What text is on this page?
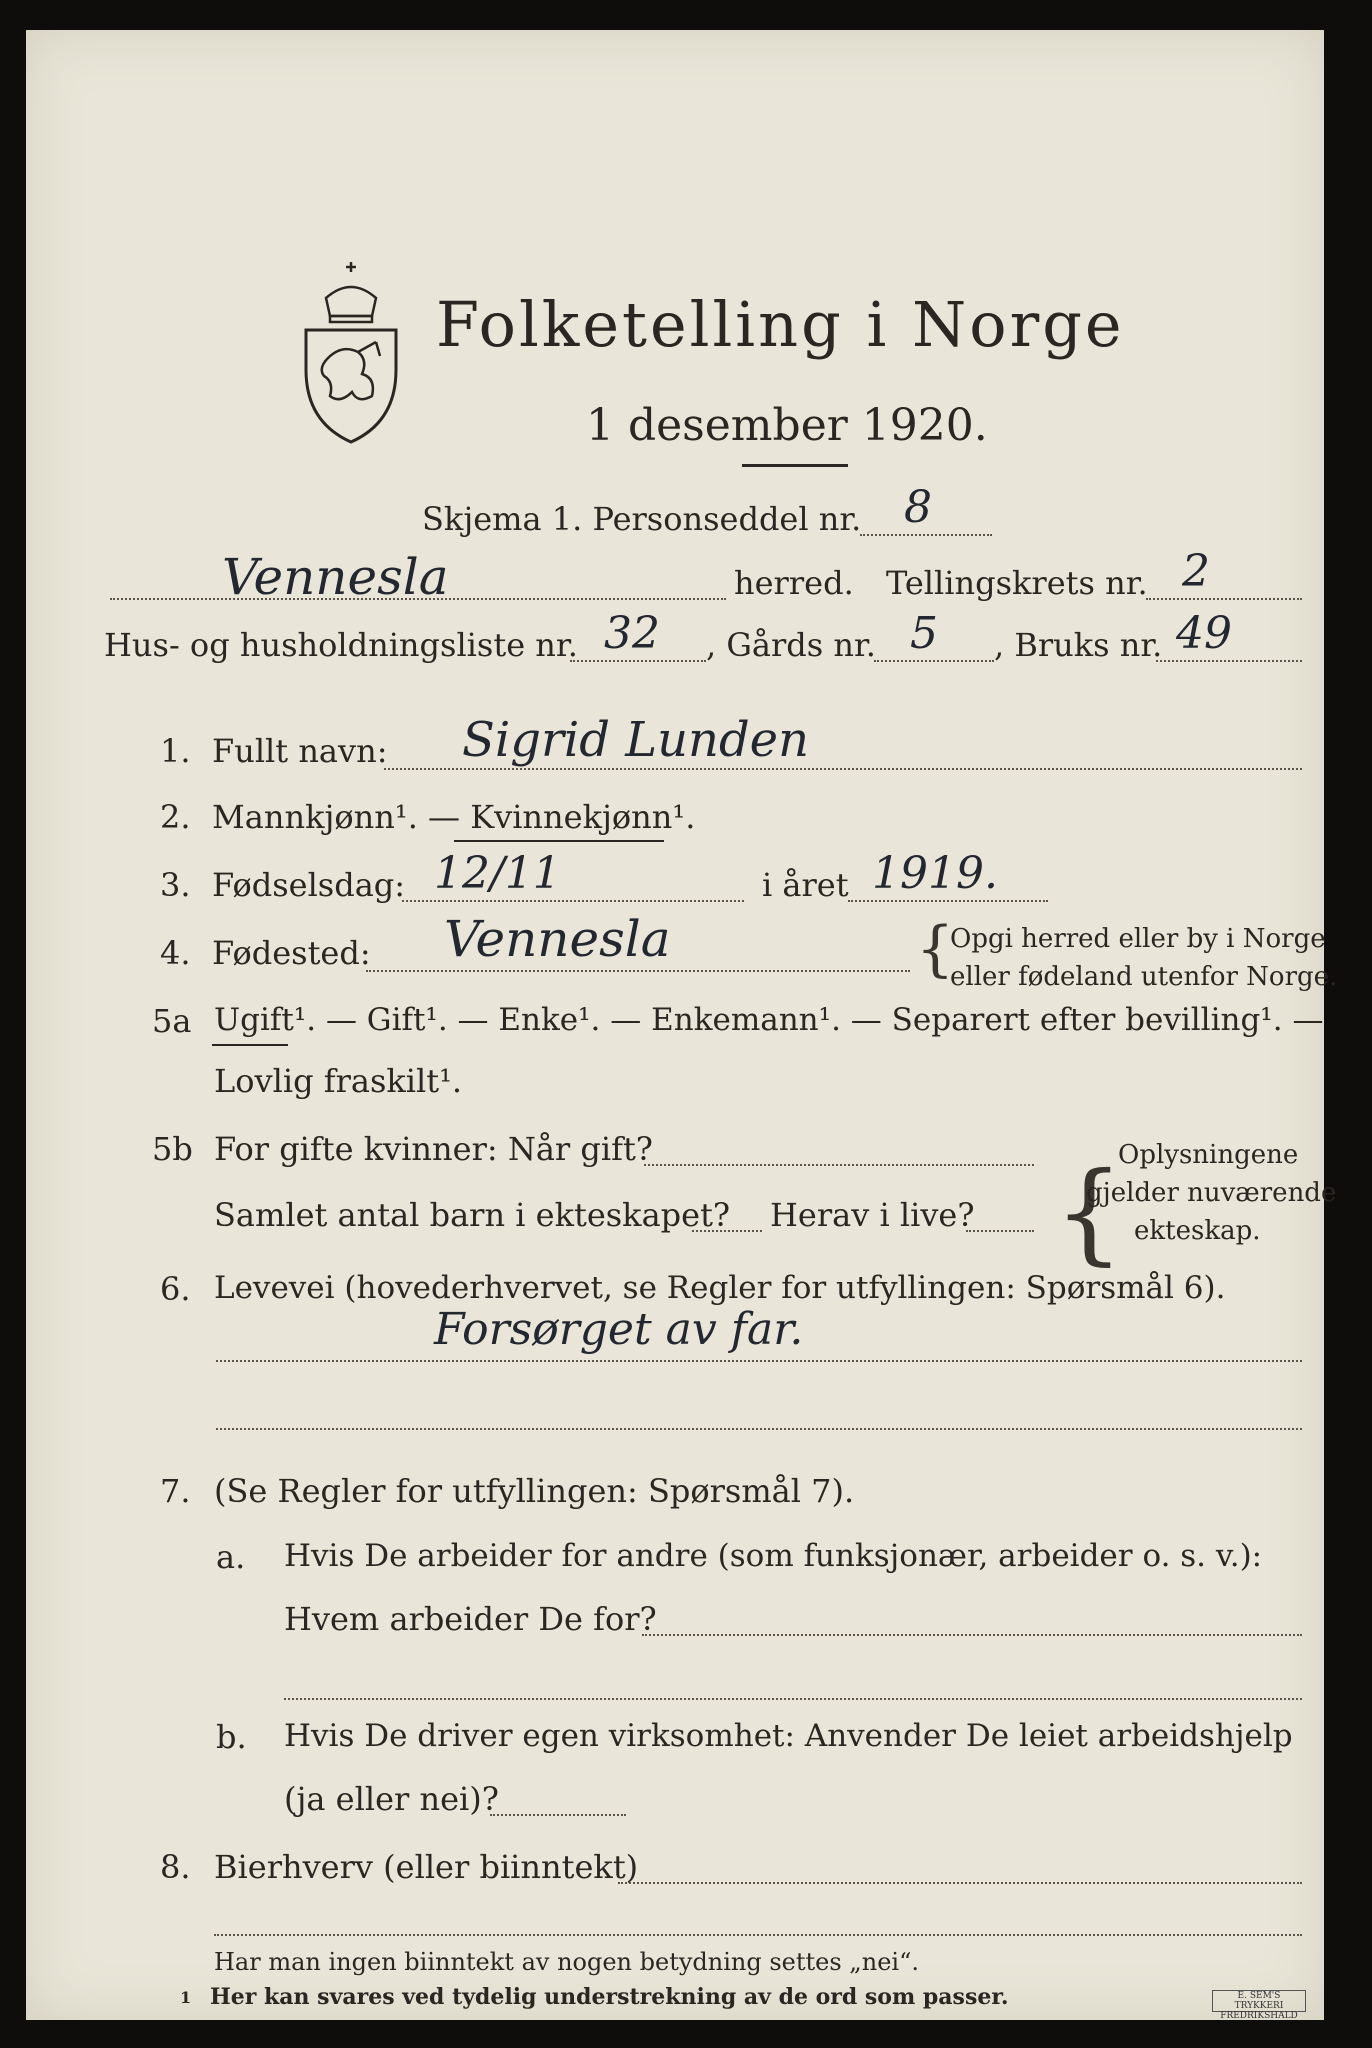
Folketelling i Norge
1 desember 1920.
Skjema 1. Personseddel nr. 8
Vennesla	herred. Tellingskrets nr. 2
Hus- og husholdningsliste nr. 32 , Gårds nr. 5 , Bruks nr. 49
1. Fullt navn: Sigrid Lunden
2. Mannkjønn¹. — Kvinnekjønn¹.
3. Fødselsdag: 12/11	i året 1919.
4. Fødested: Vennesla	{
Opgi herred eller by i Norge
eller fødeland utenfor Norge.
5a Ugift¹. — Gift¹. — Enke¹. — Enkemann¹. — Separert efter bevilling¹. —
Lovlig fraskilt¹.
5b For gifte kvinner: Når gift?
Samlet antal barn i ekteskapet? Herav i live? {
Oplysningene
gjelder nuværende
ekteskap.
6. Levevei (hovederhvervet, se Regler for utfyllingen: Spørsmål 6).
Forsørget av far.
7. (Se Regler for utfyllingen: Spørsmål 7).
a. Hvis De arbeider for andre (som funksjonær, arbeider o. s. v.):
Hvem arbeider De for?
b. Hvis De driver egen virksomhet: Anvender De leiet arbeidshjelp
(ja eller nei)?
8. Bierhverv (eller biinntekt)
Har man ingen biinntekt av nogen betydning settes „nei“.
1 Her kan svares ved tydelig understrekning av de ord som passer.	E. SEM'S TRYKKERI FREDRIKSHALD
